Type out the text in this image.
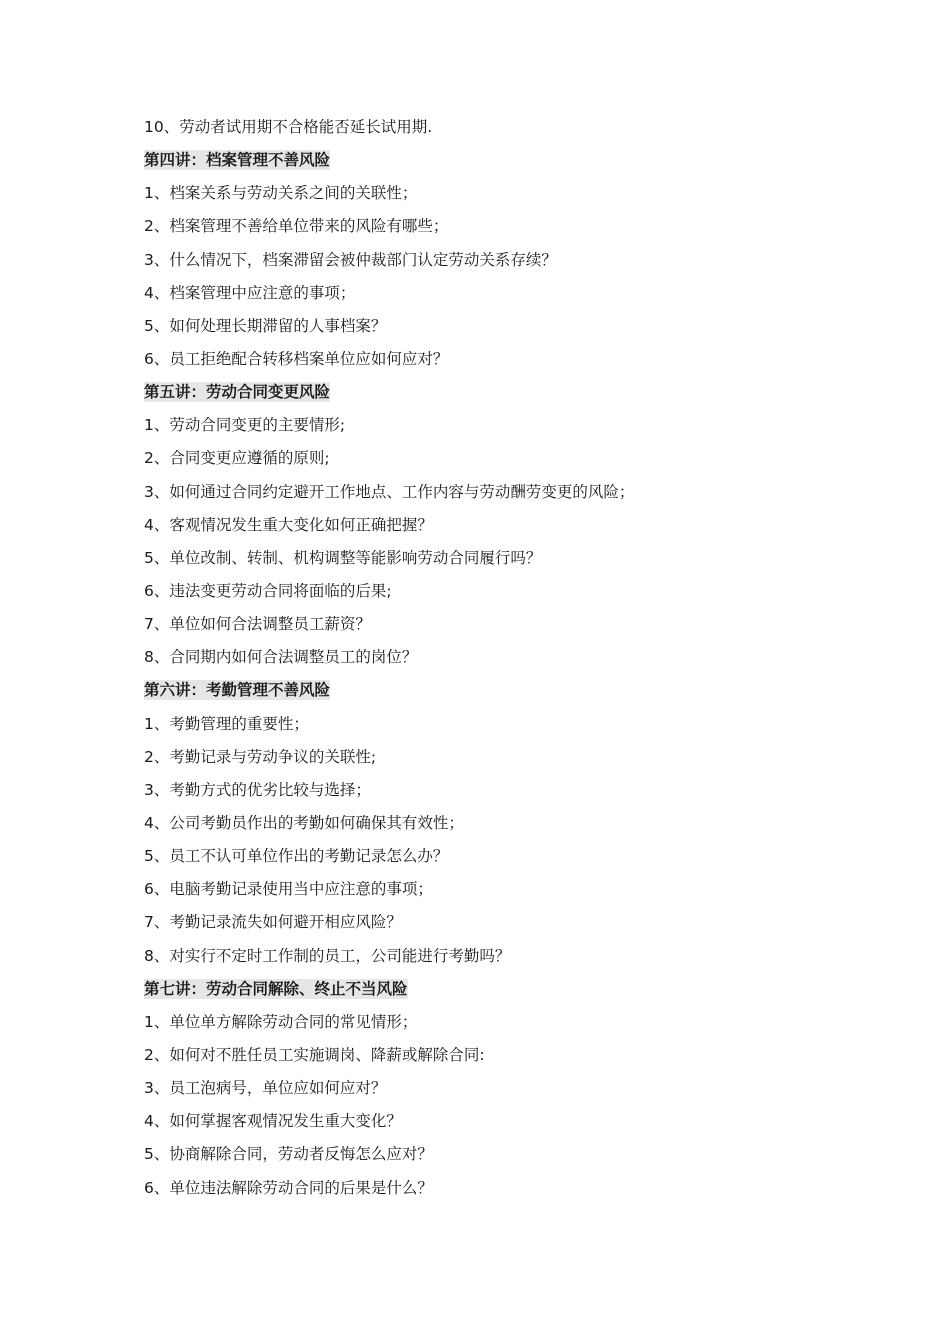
10、劳动者试用期不合格能否延长试用期.
第四讲：档案管理不善风险
1、档案关系与劳动关系之间的关联性；
2、档案管理不善给单位带来的风险有哪些；
3、什么情况下，档案滞留会被仲裁部门认定劳动关系存续？
4、档案管理中应注意的事项；
5、如何处理长期滞留的人事档案？
6、员工拒绝配合转移档案单位应如何应对？
第五讲：劳动合同变更风险
1、劳动合同变更的主要情形;
2、合同变更应遵循的原则;
3、如何通过合同约定避开工作地点、工作内容与劳动酬劳变更的风险；
4、客观情况发生重大变化如何正确把握？
5、单位改制、转制、机构调整等能影响劳动合同履行吗？
6、违法变更劳动合同将面临的后果;
7、单位如何合法调整员工薪资？
8、合同期内如何合法调整员工的岗位？
第六讲：考勤管理不善风险
1、考勤管理的重要性；
2、考勤记录与劳动争议的关联性;
3、考勤方式的优劣比较与选择；
4、公司考勤员作出的考勤如何确保其有效性；
5、员工不认可单位作出的考勤记录怎么办？
6、电脑考勤记录使用当中应注意的事项；
7、考勤记录流失如何避开相应风险？
8、对实行不定时工作制的员工，公司能进行考勤吗？
第七讲：劳动合同解除、终止不当风险
1、单位单方解除劳动合同的常见情形；
2、如何对不胜任员工实施调岗、降薪或解除合同:
3、员工泡病号，单位应如何应对？
4、如何掌握客观情况发生重大变化？
5、协商解除合同，劳动者反悔怎么应对？
6、单位违法解除劳动合同的后果是什么？
